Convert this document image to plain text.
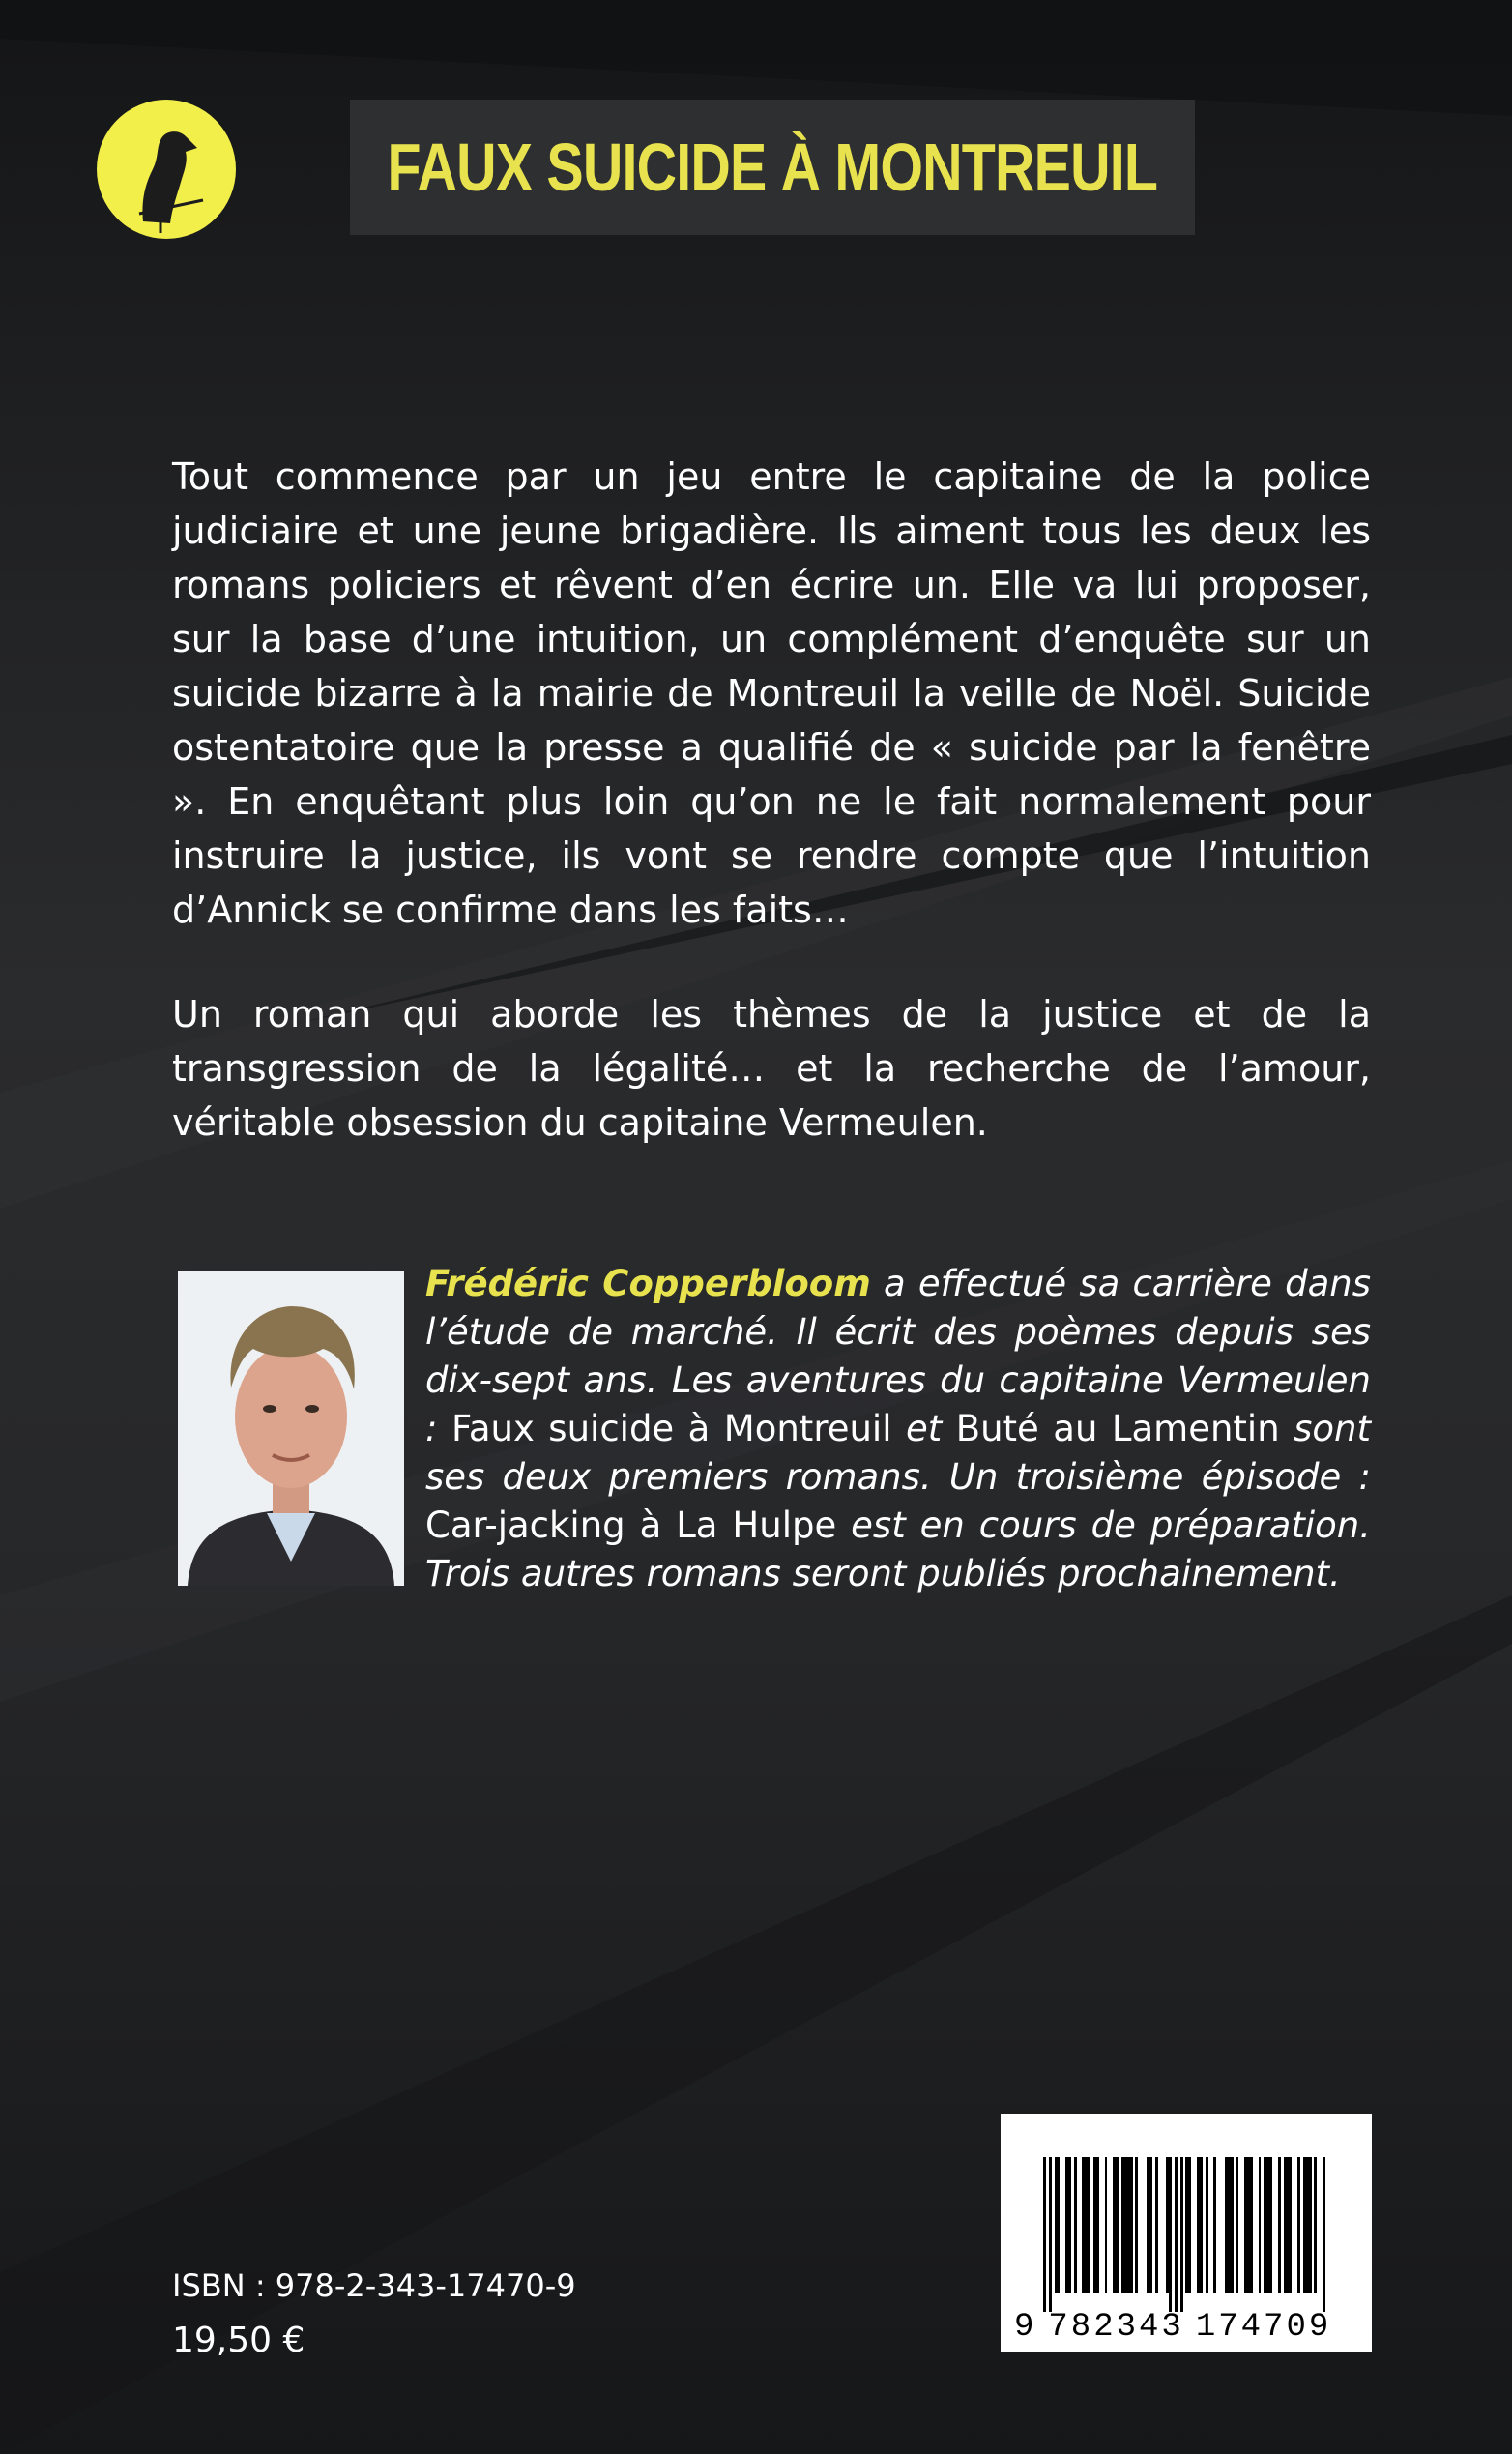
FAUX SUICIDE À MONTREUIL

Tout commence par un jeu entre le capitaine de la police judiciaire et une jeune brigadière. Ils aiment tous les deux les romans policiers et rêvent d’en écrire un. Elle va lui proposer, sur la base d’une intuition, un complément d’enquête sur un suicide bizarre à la mairie de Montreuil la veille de Noël. Suicide ostentatoire que la presse a qualifié de « suicide par la fenêtre ». En enquêtant plus loin qu’on ne le fait normalement pour instruire la justice, ils vont se rendre compte que l’intuition d’Annick se confirme dans les faits…

Un roman qui aborde les thèmes de la justice et de la transgression de la légalité… et la recherche de l’amour, véritable obsession du capitaine Vermeulen.

Frédéric Copperbloom a effectué sa carrière dans l’étude de marché. Il écrit des poèmes depuis ses dix-sept ans. Les aventures du capitaine Vermeulen : Faux suicide à Montreuil et Buté au Lamentin sont ses deux premiers romans. Un troisième épisode : Car-jacking à La Hulpe est en cours de préparation. Trois autres romans seront publiés prochainement.
ISBN : 978-2-343-17470-9
19,50 €	9 782343 174709
